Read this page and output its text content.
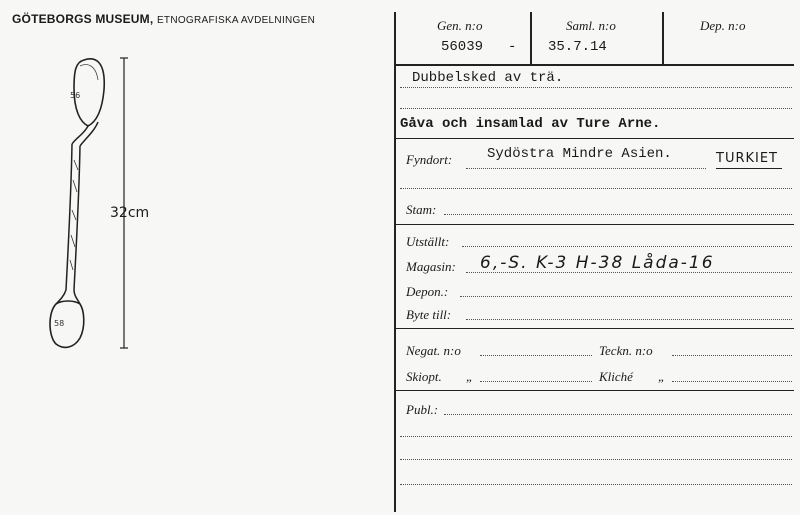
GÖTEBORGS MUSEUM, ETNOGRAFISKA AVDELNINGEN
58
56
32cm
Gen. n:o
56039 -
Saml. n:o
35.7.14
Dep. n:o
Dubbelsked av trä.
Gåva och insamlad av Ture Arne.
Fyndort: Sydöstra Mindre Asien.	TURKIET
Stam:
Utställt:
Magasin: 6,-S. K-3 H-38 Låda-16
Depon.:
Byte till:
Negat. n:o	Teckn. n:o
Skiopt. „	Kliché „
Publ.:
